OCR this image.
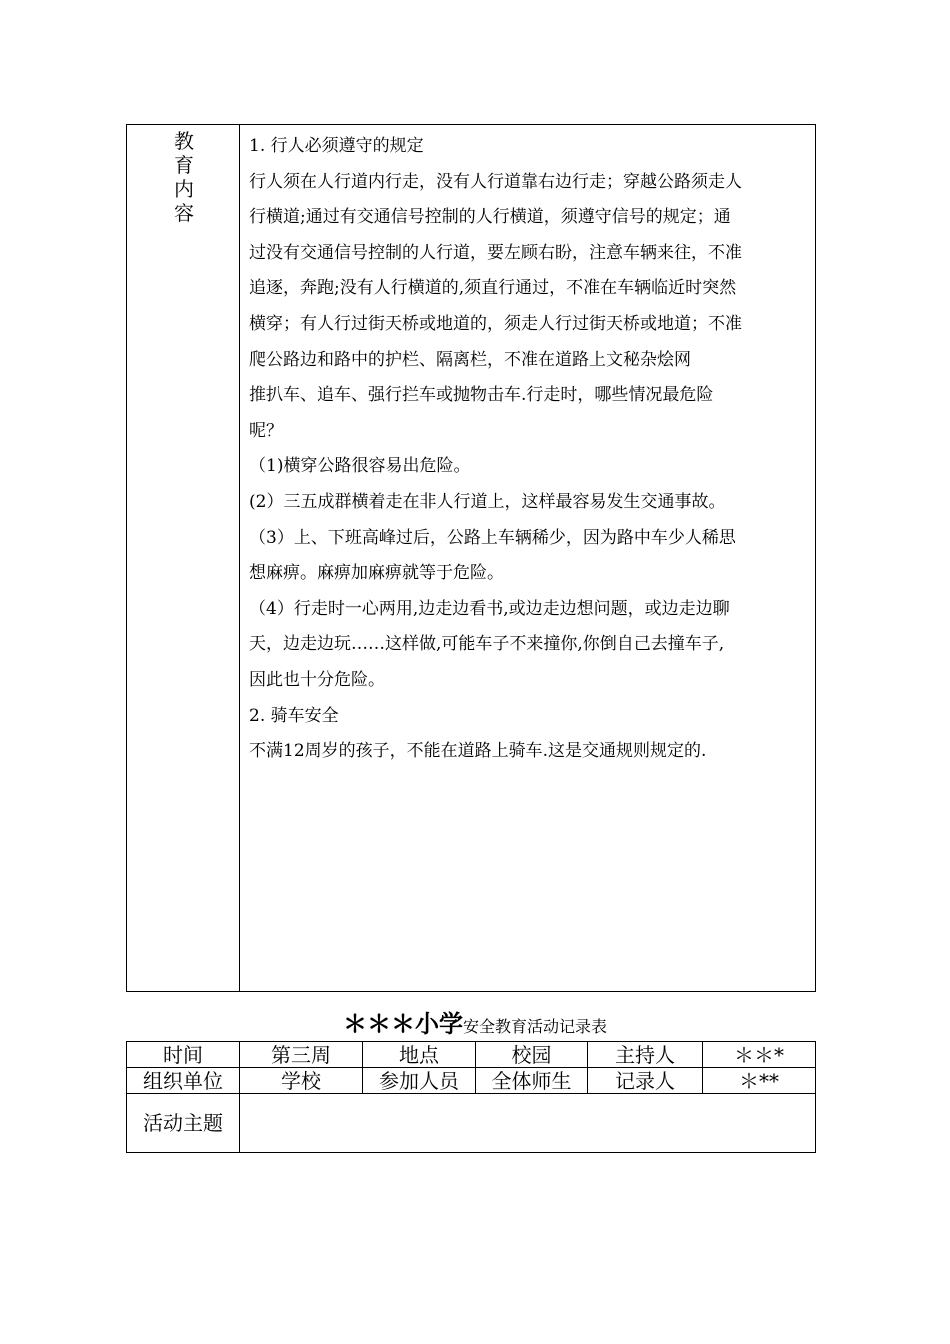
教育内容

1. 行人必须遵守的规定

行人须在人行道内行走，没有人行道靠右边行走；穿越公路须走人

行横道;通过有交通信号控制的人行横道，须遵守信号的规定；通

过没有交通信号控制的人行道，要左顾右盼，注意车辆来往，不准

追逐，奔跑;没有人行横道的,须直行通过，不准在车辆临近时突然

横穿；有人行过街天桥或地道的，须走人行过街天桥或地道；不准

爬公路边和路中的护栏、隔离栏，不准在道路上文秘杂烩网

推扒车、追车、强行拦车或抛物击车.行走时，哪些情况最危险

呢？

（1)横穿公路很容易出危险。

(2）三五成群横着走在非人行道上，这样最容易发生交通事故。

（3）上、下班高峰过后，公路上车辆稀少，因为路中车少人稀思

想麻痹。麻痹加麻痹就等于危险。

（4）行走时一心两用,边走边看书,或边走边想问题，或边走边聊

天，边走边玩……这样做,可能车子不来撞你,你倒自己去撞车子,

因此也十分危险。

2. 骑车安全

不满12周岁的孩子，不能在道路上骑车.这是交通规则规定的.

＊＊＊小学安全教育活动记录表
时间	第三周	地点	校园	主持人	＊＊*
组织单位	学校	参加人员	全体师生	记录人	＊**
活动主题
